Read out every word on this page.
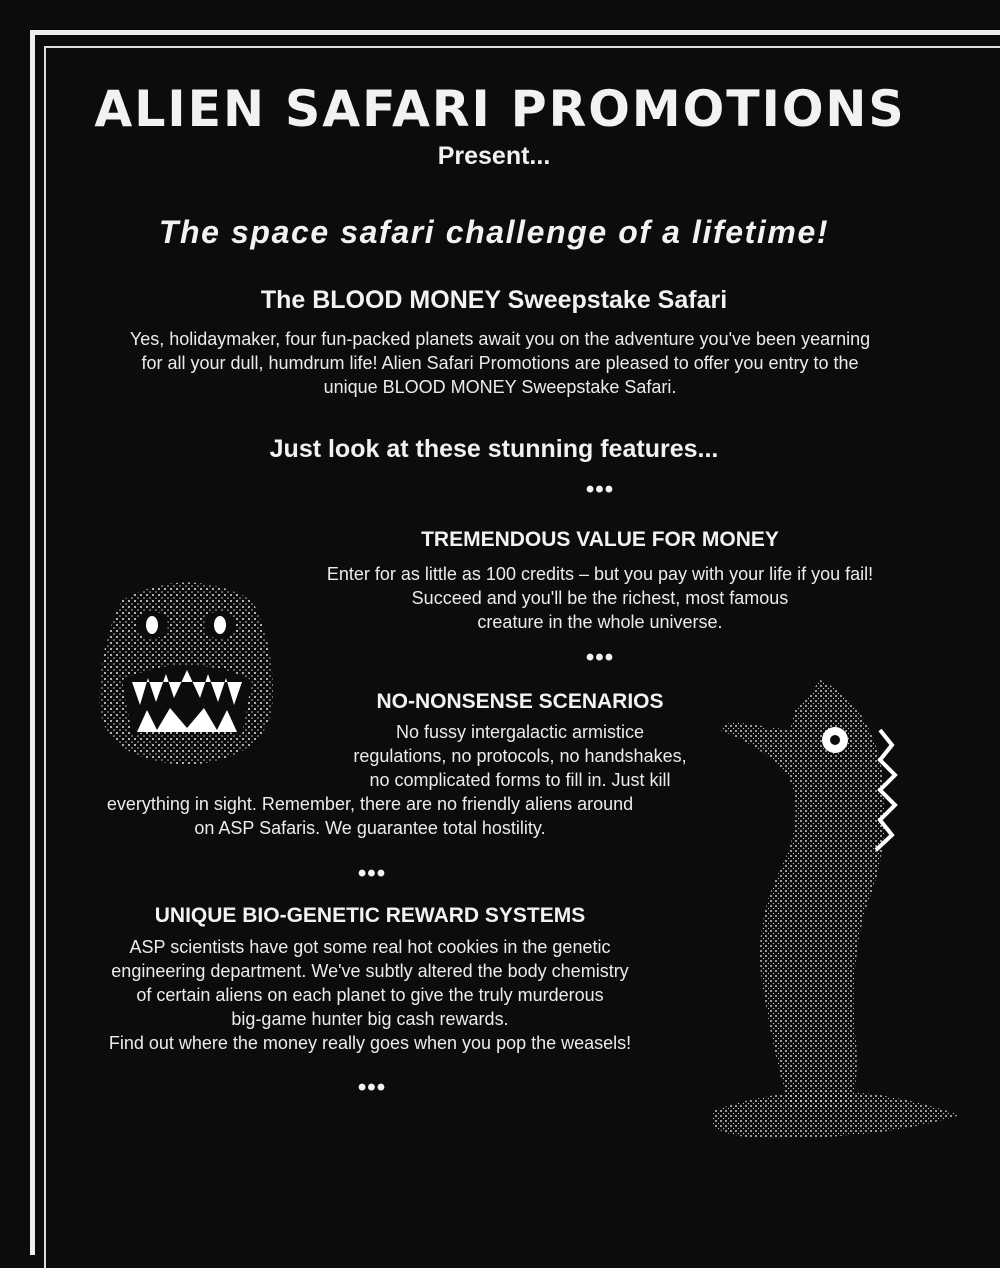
ALIEN SAFARI PROMOTIONS
Present...
The space safari challenge of a lifetime!
The BLOOD MONEY Sweepstake Safari
Yes, holidaymaker, four fun-packed planets await you on the adventure you've been yearning
for all your dull, humdrum life! Alien Safari Promotions are pleased to offer you entry to the
unique BLOOD MONEY Sweepstake Safari.
Just look at these stunning features...
•••
TREMENDOUS VALUE FOR MONEY
Enter for as little as 100 credits – but you pay with your life if you fail!
Succeed and you'll be the richest, most famous
creature in the whole universe.
•••
NO-NONSENSE SCENARIOS
No fussy intergalactic armistice
regulations, no protocols, no handshakes,
no complicated forms to fill in. Just kill
everything in sight. Remember, there are no friendly aliens around
on ASP Safaris. We guarantee total hostility.
•••
UNIQUE BIO-GENETIC REWARD SYSTEMS
ASP scientists have got some real hot cookies in the genetic
engineering department. We've subtly altered the body chemistry
of certain aliens on each planet to give the truly murderous
big-game hunter big cash rewards.
Find out where the money really goes when you pop the weasels!
•••
